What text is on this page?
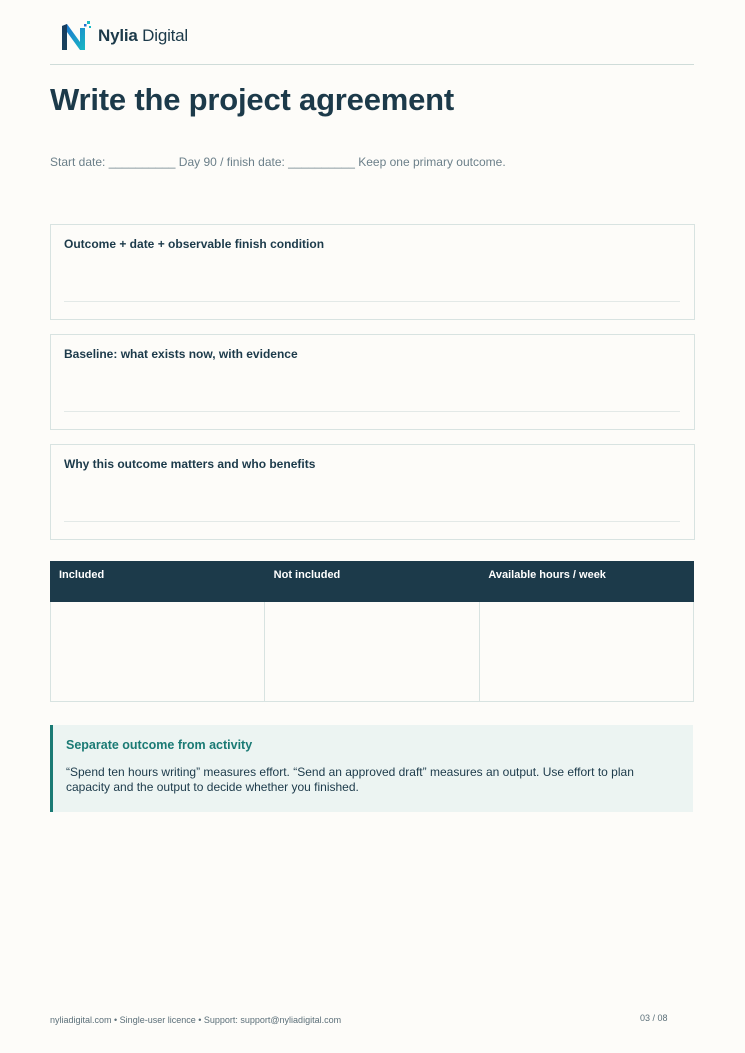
Nylia Digital
Write the project agreement
Start date: __________ Day 90 / finish date: __________ Keep one primary outcome.
Outcome + date + observable finish condition
Baseline: what exists now, with evidence
Why this outcome matters and who benefits
Included	Not included	Available hours / week
Separate outcome from activity
“Spend ten hours writing” measures effort. “Send an approved draft” measures an output. Use effort to plan capacity and the output to decide whether you finished.
nyliadigital.com • Single-user licence • Support: support@nyliadigital.com	03 / 08
